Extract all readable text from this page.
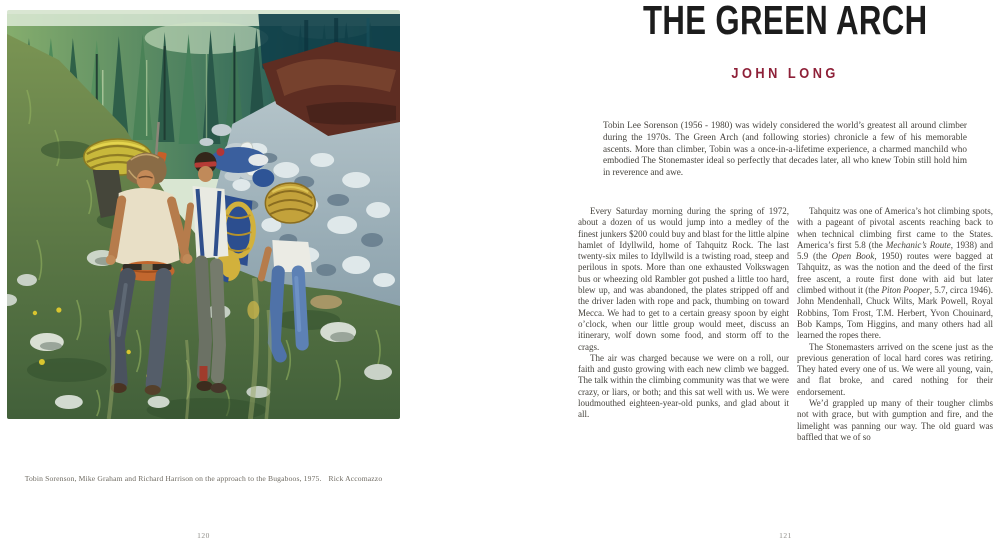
Tobin Sorenson, Mike Graham and Richard Harrison on the approach to the Bugaboos, 1975. Rick Accomazzo
120
THE GREEN ARCH
JOHN LONG

Tobin Lee Sorenson (1956 - 1980) was widely considered the world’s greatest all around climber during the 1970s. The Green Arch (and following stories) chronicle a few of his memorable ascents. More than climber, Tobin was a once-in-a-lifetime experience, a charmed manchild who embodied The Stonemaster ideal so perfectly that decades later, all who knew Tobin still hold him in reverence and awe.

Every Saturday morning during the spring of 1972, about a dozen of us would jump into a medley of the finest junkers $200 could buy and blast for the little alpine hamlet of Idyllwild, home of Tahquitz Rock. The last twenty-six miles to Idyllwild is a twisting road, steep and perilous in spots. More than one exhausted Volkswagen bus or wheezing old Rambler got pushed a little too hard, blew up, and was abandoned, the plates stripped off and the driver laden with rope and pack, thumbing on toward Mecca. We had to get to a certain greasy spoon by eight o’clock, when our little group would meet, discuss an itinerary, wolf down some food, and storm off to the crags.

The air was charged because we were on a roll, our faith and gusto growing with each new climb we bagged. The talk within the climbing community was that we were crazy, or liars, or both; and this sat well with us. We were loudmouthed eighteen-year-old punks, and glad about it all.

Tahquitz was one of America’s hot climbing spots, with a pageant of pivotal ascents reaching back to when technical climbing first came to the States. America’s first 5.8 (the Mechanic’s Route, 1938) and 5.9 (the Open Book, 1950) routes were bagged at Tahquitz, as was the notion and the deed of the first free ascent, a route first done with aid but later climbed without it (the Piton Pooper, 5.7, circa 1946). John Mendenhall, Chuck Wilts, Mark Powell, Royal Robbins, Tom Frost, T.M. Herbert, Yvon Chouinard, Bob Kamps, Tom Higgins, and many others had all learned the ropes there.

The Stonemasters arrived on the scene just as the previous generation of local hard cores was retiring. They hated every one of us. We were all young, vain, and flat broke, and cared nothing for their endorsement.

We’d grappled up many of their tougher climbs not with grace, but with gumption and fire, and the limelight was panning our way. The old guard was baffled that we of so

121
